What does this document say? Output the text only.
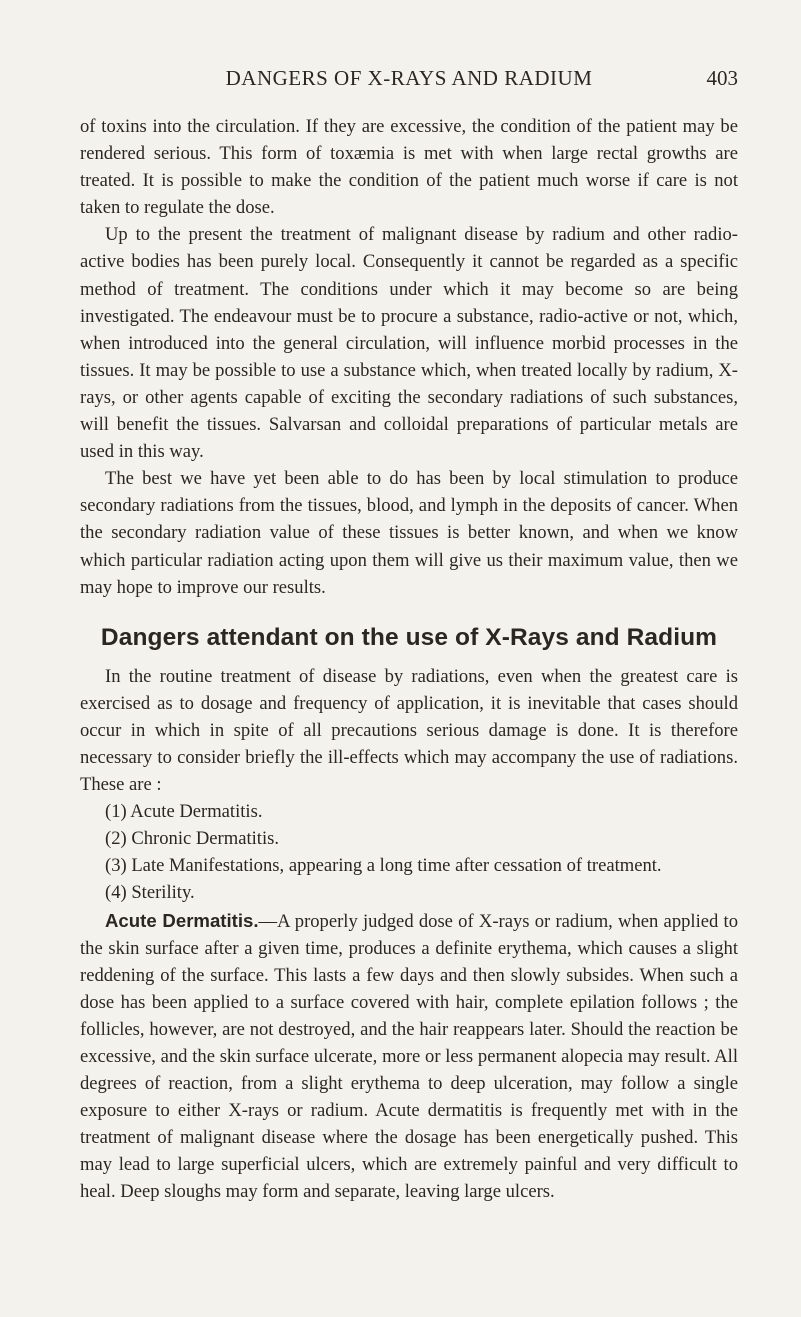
DANGERS OF X-RAYS AND RADIUM	403

of toxins into the circulation. If they are excessive, the condition of the patient may be rendered serious. This form of toxæmia is met with when large rectal growths are treated. It is possible to make the condition of the patient much worse if care is not taken to regulate the dose.

Up to the present the treatment of malignant disease by radium and other radio-active bodies has been purely local. Consequently it cannot be regarded as a specific method of treatment. The conditions under which it may become so are being investigated. The endeavour must be to procure a substance, radio-active or not, which, when introduced into the general circulation, will influence morbid processes in the tissues. It may be possible to use a substance which, when treated locally by radium, X-rays, or other agents capable of exciting the secondary radiations of such substances, will benefit the tissues. Salvarsan and colloidal preparations of particular metals are used in this way.

The best we have yet been able to do has been by local stimulation to produce secondary radiations from the tissues, blood, and lymph in the deposits of cancer. When the secondary radiation value of these tissues is better known, and when we know which particular radiation acting upon them will give us their maximum value, then we may hope to improve our results.

Dangers attendant on the use of X-Rays and Radium

In the routine treatment of disease by radiations, even when the greatest care is exercised as to dosage and frequency of application, it is inevitable that cases should occur in which in spite of all precautions serious damage is done. It is therefore necessary to consider briefly the ill-effects which may accompany the use of radiations. These are :

(1) Acute Dermatitis.

(2) Chronic Dermatitis.

(3) Late Manifestations, appearing a long time after cessation of treatment.

(4) Sterility.

Acute Dermatitis.—A properly judged dose of X-rays or radium, when applied to the skin surface after a given time, produces a definite erythema, which causes a slight reddening of the surface. This lasts a few days and then slowly subsides. When such a dose has been applied to a surface covered with hair, complete epilation follows ; the follicles, however, are not destroyed, and the hair reappears later. Should the reaction be excessive, and the skin surface ulcerate, more or less permanent alopecia may result. All degrees of reaction, from a slight erythema to deep ulceration, may follow a single exposure to either X-rays or radium. Acute dermatitis is frequently met with in the treatment of malignant disease where the dosage has been energetically pushed. This may lead to large superficial ulcers, which are extremely painful and very difficult to heal. Deep sloughs may form and separate, leaving large ulcers.
